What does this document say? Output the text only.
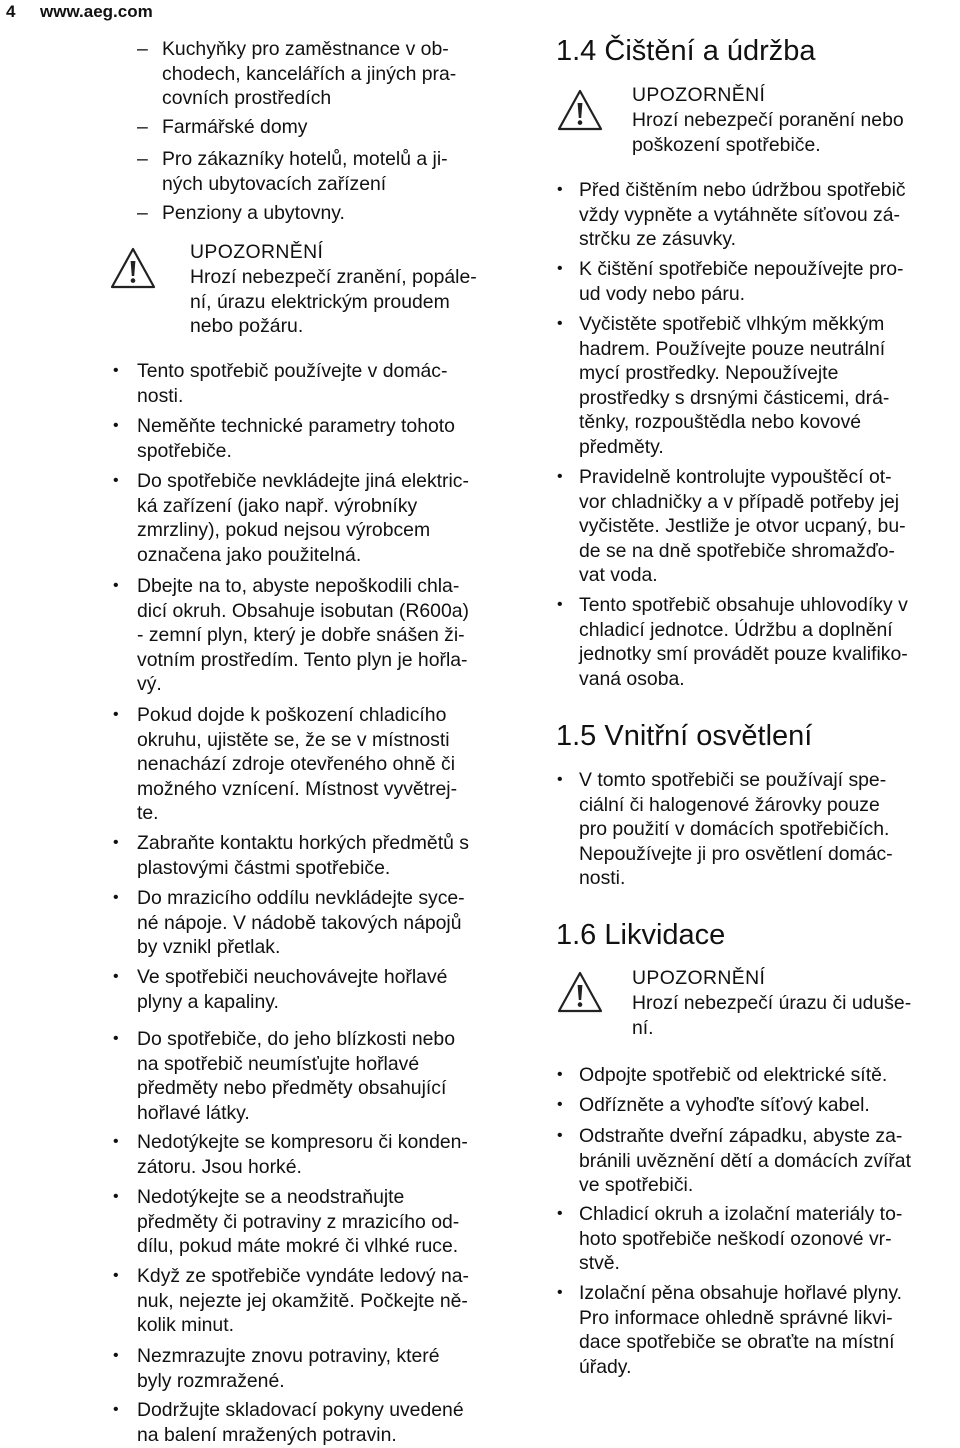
4 www.aeg.com
– Kuchyňky pro zaměstnance v ob-
chodech, kancelářích a jiných pra-
covních prostředích
– Farmářské domy
– Pro zákazníky hotelů, motelů a ji-
ných ubytovacích zařízení
– Penziony a ubytovny.
UPOZORNĚNÍ
Hrozí nebezpečí zranění, popále-
ní, úrazu elektrickým proudem
nebo požáru.
• Tento spotřebič používejte v domác-
nosti.
• Neměňte technické parametry tohoto
spotřebiče.
• Do spotřebiče nevkládejte jiná elektric-
ká zařízení (jako např. výrobníky
zmrzliny), pokud nejsou výrobcem
označena jako použitelná.
• Dbejte na to, abyste nepoškodili chla-
dicí okruh. Obsahuje isobutan (R600a)
- zemní plyn, který je dobře snášen ži-
votním prostředím. Tento plyn je hořla-
vý.
• Pokud dojde k poškození chladicího
okruhu, ujistěte se, že se v místnosti
nenachází zdroje otevřeného ohně či
možného vznícení. Místnost vyvětrej-
te.
• Zabraňte kontaktu horkých předmětů s
plastovými částmi spotřebiče.
• Do mrazicího oddílu nevkládejte syce-
né nápoje. V nádobě takových nápojů
by vznikl přetlak.
• Ve spotřebiči neuchovávejte hořlavé
plyny a kapaliny.
• Do spotřebiče, do jeho blízkosti nebo
na spotřebič neumísťujte hořlavé
předměty nebo předměty obsahující
hořlavé látky.
• Nedotýkejte se kompresoru či konden-
zátoru. Jsou horké.
• Nedotýkejte se a neodstraňujte
předměty či potraviny z mrazicího od-
dílu, pokud máte mokré či vlhké ruce.
• Když ze spotřebiče vyndáte ledový na-
nuk, nejezte jej okamžitě. Počkejte ně-
kolik minut.
• Nezmrazujte znovu potraviny, které
byly rozmražené.
• Dodržujte skladovací pokyny uvedené
na balení mražených potravin.
1.4 Čištění a údržba
UPOZORNĚNÍ
Hrozí nebezpečí poranění nebo
poškození spotřebiče.
• Před čištěním nebo údržbou spotřebič
vždy vypněte a vytáhněte síťovou zá-
strčku ze zásuvky.
• K čištění spotřebiče nepoužívejte pro-
ud vody nebo páru.
• Vyčistěte spotřebič vlhkým měkkým
hadrem. Používejte pouze neutrální
mycí prostředky. Nepoužívejte
prostředky s drsnými částicemi, drá-
těnky, rozpouštědla nebo kovové
předměty.
• Pravidelně kontrolujte vypouštěcí ot-
vor chladničky a v případě potřeby jej
vyčistěte. Jestliže je otvor ucpaný, bu-
de se na dně spotřebiče shromažďo-
vat voda.
• Tento spotřebič obsahuje uhlovodíky v
chladicí jednotce. Údržbu a doplnění
jednotky smí provádět pouze kvalifiko-
vaná osoba.
1.5 Vnitřní osvětlení
• V tomto spotřebiči se používají spe-
ciální či halogenové žárovky pouze
pro použití v domácích spotřebičích.
Nepoužívejte ji pro osvětlení domác-
nosti.
1.6 Likvidace
UPOZORNĚNÍ
Hrozí nebezpečí úrazu či uduše-
ní.
• Odpojte spotřebič od elektrické sítě.
• Odřízněte a vyhoďte síťový kabel.
• Odstraňte dveřní západku, abyste za-
bránili uvěznění dětí a domácích zvířat
ve spotřebiči.
• Chladicí okruh a izolační materiály to-
hoto spotřebiče neškodí ozonové vr-
stvě.
• Izolační pěna obsahuje hořlavé plyny.
Pro informace ohledně správné likvi-
dace spotřebiče se obraťte na místní
úřady.
